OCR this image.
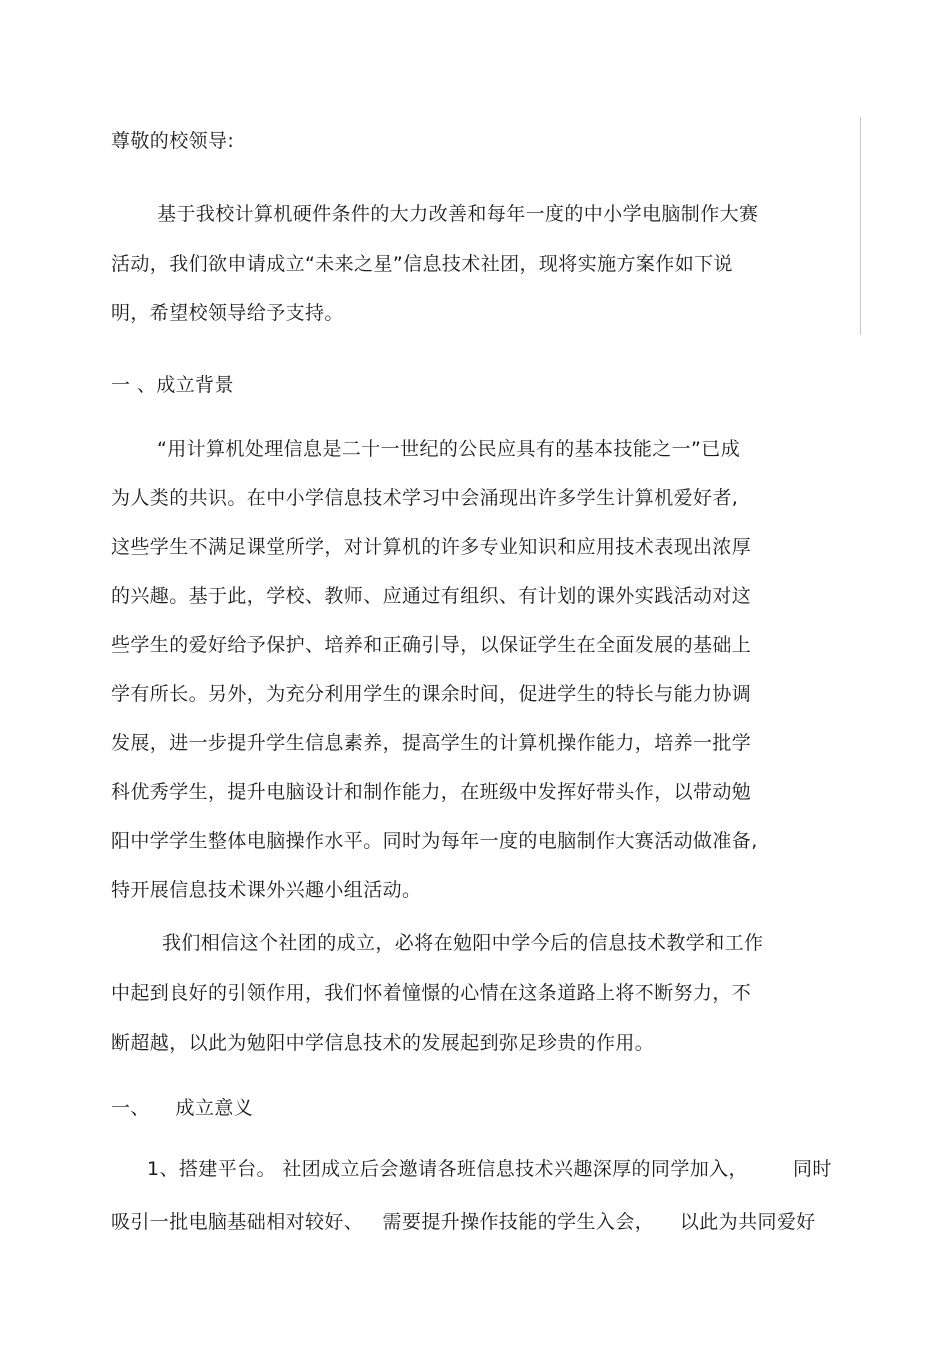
尊敬的校领导:
基于我校计算机硬件条件的大力改善和每年一度的中小学电脑制作大赛
活动，我们欲申请成立“未来之星”信息技术社团，现将实施方案作如下说
明，希望校领导给予支持。
一 、成立背景
“用计算机处理信息是二十一世纪的公民应具有的基本技能之一”已成
为人类的共识。在中小学信息技术学习中会涌现出许多学生计算机爱好者,
这些学生不满足课堂所学，对计算机的许多专业知识和应用技术表现出浓厚
的兴趣。基于此，学校、教师、应通过有组织、有计划的课外实践活动对这
些学生的爱好给予保护、培养和正确引导，以保证学生在全面发展的基础上
学有所长。另外，为充分利用学生的课余时间，促进学生的特长与能力协调
发展，进一步提升学生信息素养，提高学生的计算机操作能力，培养一批学
科优秀学生，提升电脑设计和制作能力，在班级中发挥好带头作，以带动勉
阳中学学生整体电脑操作水平。同时为每年一度的电脑制作大赛活动做准备,
特开展信息技术课外兴趣小组活动。
我们相信这个社团的成立，必将在勉阳中学今后的信息技术教学和工作
中起到良好的引领作用，我们怀着憧憬的心情在这条道路上将不断努力，不
断超越，以此为勉阳中学信息技术的发展起到弥足珍贵的作用。
一、    成立意义
1、搭建平台。 社团成立后会邀请各班信息技术兴趣深厚的同学加入，       同时
吸引一批电脑基础相对较好、   需要提升操作技能的学生入会，    以此为共同爱好
